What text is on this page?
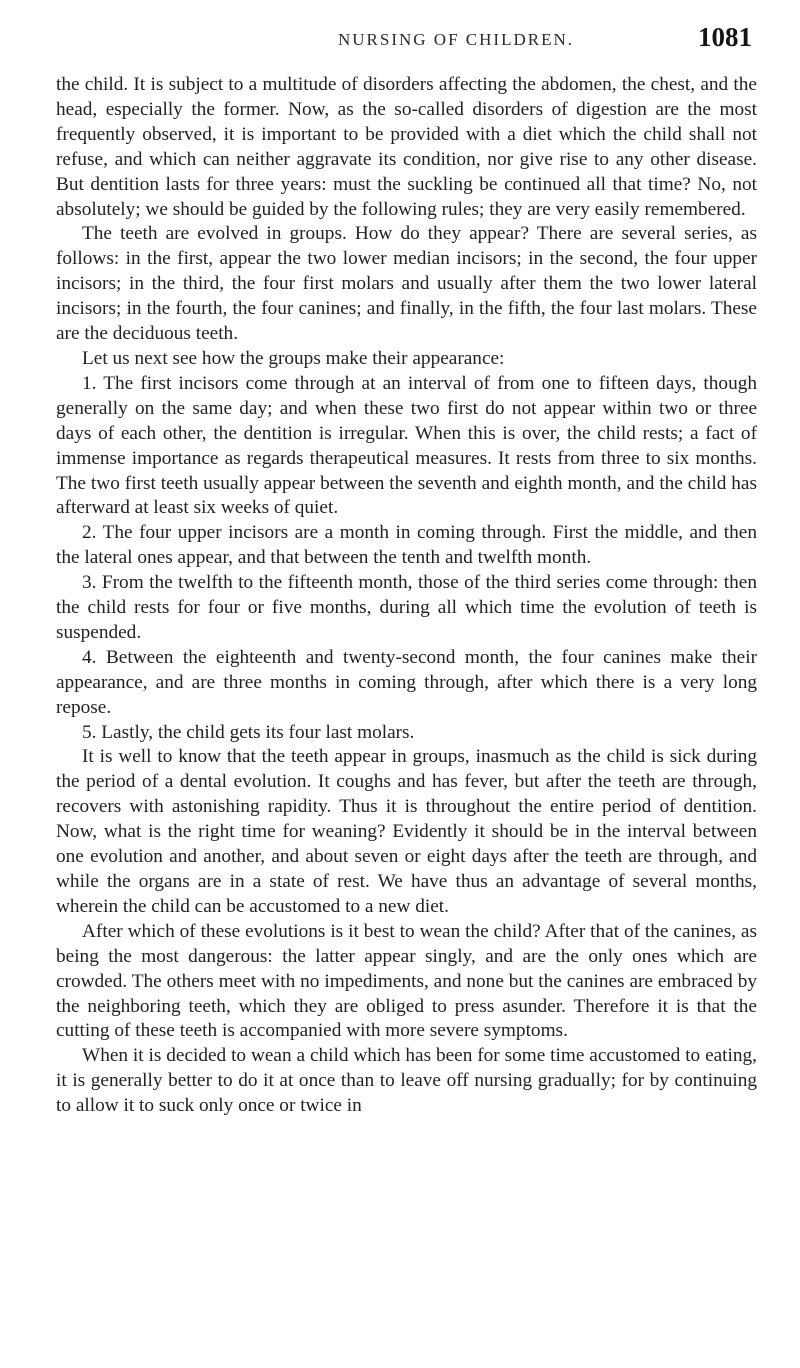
NURSING OF CHILDREN.	1081

the child. It is subject to a multitude of disorders affecting the abdomen, the chest, and the head, especially the former. Now, as the so-called disorders of digestion are the most frequently observed, it is important to be provided with a diet which the child shall not refuse, and which can neither aggravate its condition, nor give rise to any other disease. But dentition lasts for three years: must the suckling be continued all that time? No, not absolutely; we should be guided by the following rules; they are very easily remembered.

The teeth are evolved in groups. How do they appear? There are several series, as follows: in the first, appear the two lower median incisors; in the second, the four upper incisors; in the third, the four first molars and usually after them the two lower lateral incisors; in the fourth, the four canines; and finally, in the fifth, the four last molars. These are the deciduous teeth.

Let us next see how the groups make their appearance:

1. The first incisors come through at an interval of from one to fifteen days, though generally on the same day; and when these two first do not appear within two or three days of each other, the dentition is irregular. When this is over, the child rests; a fact of immense importance as regards therapeutical measures. It rests from three to six months. The two first teeth usually appear between the seventh and eighth month, and the child has afterward at least six weeks of quiet.

2. The four upper incisors are a month in coming through. First the middle, and then the lateral ones appear, and that between the tenth and twelfth month.

3. From the twelfth to the fifteenth month, those of the third series come through: then the child rests for four or five months, during all which time the evolution of teeth is suspended.

4. Between the eighteenth and twenty-second month, the four canines make their appearance, and are three months in coming through, after which there is a very long repose.

5. Lastly, the child gets its four last molars.

It is well to know that the teeth appear in groups, inasmuch as the child is sick during the period of a dental evolution. It coughs and has fever, but after the teeth are through, recovers with astonishing rapidity. Thus it is throughout the entire period of dentition. Now, what is the right time for weaning? Evidently it should be in the interval between one evolution and another, and about seven or eight days after the teeth are through, and while the organs are in a state of rest. We have thus an advantage of several months, wherein the child can be accustomed to a new diet.

After which of these evolutions is it best to wean the child? After that of the canines, as being the most dangerous: the latter appear singly, and are the only ones which are crowded. The others meet with no impediments, and none but the canines are embraced by the neighboring teeth, which they are obliged to press asunder. Therefore it is that the cutting of these teeth is accompanied with more severe symptoms.

When it is decided to wean a child which has been for some time accustomed to eating, it is generally better to do it at once than to leave off nursing gradually; for by continuing to allow it to suck only once or twice in
